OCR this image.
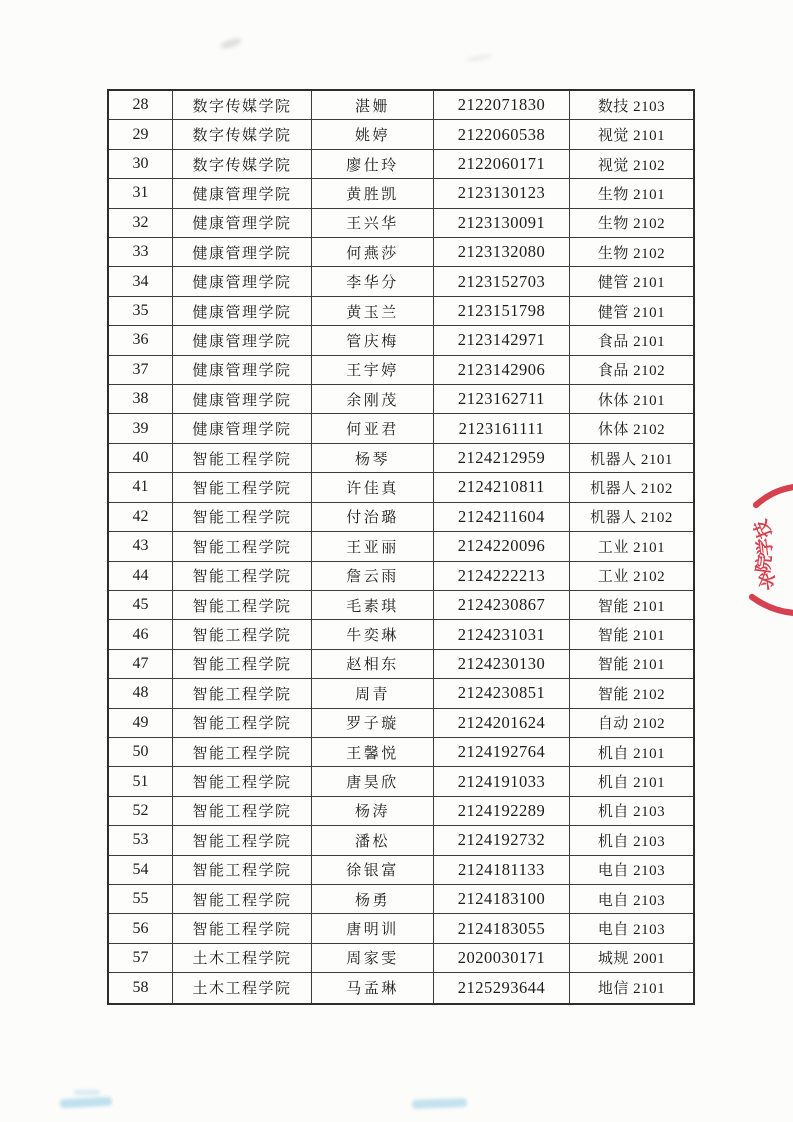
28	数字传媒学院	湛姗	2122071830	数技 2103
29	数字传媒学院	姚婷	2122060538	视觉 2101
30	数字传媒学院	廖仕玲	2122060171	视觉 2102
31	健康管理学院	黄胜凯	2123130123	生物 2101
32	健康管理学院	王兴华	2123130091	生物 2102
33	健康管理学院	何燕莎	2123132080	生物 2102
34	健康管理学院	李华分	2123152703	健管 2101
35	健康管理学院	黄玉兰	2123151798	健管 2101
36	健康管理学院	管庆梅	2123142971	食品 2101
37	健康管理学院	王宇婷	2123142906	食品 2102
38	健康管理学院	余刚茂	2123162711	休体 2101
39	健康管理学院	何亚君	2123161111	休体 2102
40	智能工程学院	杨琴	2124212959	机器人 2101
41	智能工程学院	许佳真	2124210811	机器人 2102
42	智能工程学院	付治璐	2124211604	机器人 2102
43	智能工程学院	王亚丽	2124220096	工业 2101
44	智能工程学院	詹云雨	2124222213	工业 2102
45	智能工程学院	毛素琪	2124230867	智能 2101
46	智能工程学院	牛奕琳	2124231031	智能 2101
47	智能工程学院	赵相东	2124230130	智能 2101
48	智能工程学院	周青	2124230851	智能 2102
49	智能工程学院	罗子璇	2124201624	自动 2102
50	智能工程学院	王馨悦	2124192764	机自 2101
51	智能工程学院	唐昊欣	2124191033	机自 2101
52	智能工程学院	杨涛	2124192289	机自 2103
53	智能工程学院	潘松	2124192732	机自 2103
54	智能工程学院	徐银富	2124181133	电自 2103
55	智能工程学院	杨勇	2124183100	电自 2103
56	智能工程学院	唐明训	2124183055	电自 2103
57	土木工程学院	周家雯	2020030171	城规 2001
58	土木工程学院	马孟琳	2125293644	地信 2101
技
学
院
求
